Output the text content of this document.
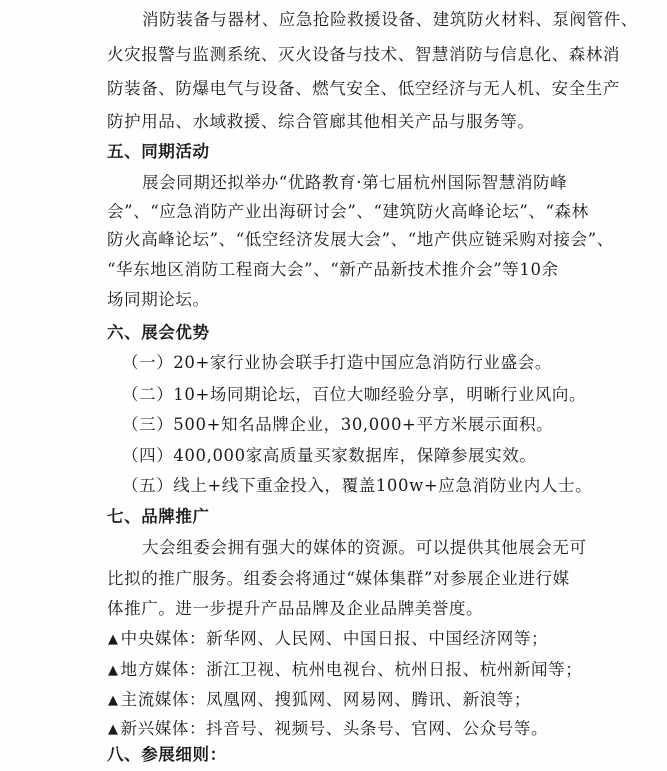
消防装备与器材、应急抢险救援设备、建筑防火材料、泵阀管件、
火灾报警与监测系统、灭火设备与技术、智慧消防与信息化、森林消
防装备、防爆电气与设备、燃气安全、低空经济与无人机、安全生产
防护用品、水域救援、综合管廊其他相关产品与服务等。
五、同期活动
展会同期还拟举办“优路教育·第七届杭州国际智慧消防峰
会”、“应急消防产业出海研讨会”、“建筑防火高峰论坛”、“森林
防火高峰论坛”、“低空经济发展大会”、“地产供应链采购对接会”、
“华东地区消防工程商大会”、“新产品新技术推介会”等10余
场同期论坛。
六、展会优势
（一）20+家行业协会联手打造中国应急消防行业盛会。
（二）10+场同期论坛，百位大咖经验分享，明晰行业风向。
（三）500+知名品牌企业，30,000+平方米展示面积。
（四）400,000家高质量买家数据库，保障参展实效。
（五）线上+线下重金投入，覆盖100w+应急消防业内人士。
七、品牌推广
大会组委会拥有强大的媒体的资源。可以提供其他展会无可
比拟的推广服务。组委会将通过“媒体集群”对参展企业进行媒
体推广。进一步提升产品品牌及企业品牌美誉度。
▲ 中央媒体：新华网、人民网、中国日报、中国经济网等；
▲ 地方媒体：浙江卫视、杭州电视台、杭州日报、杭州新闻等；
▲ 主流媒体：凤凰网、搜狐网、网易网、腾讯、新浪等；
▲ 新兴媒体：抖音号、视频号、头条号、官网、公众号等。
八、参展细则：
